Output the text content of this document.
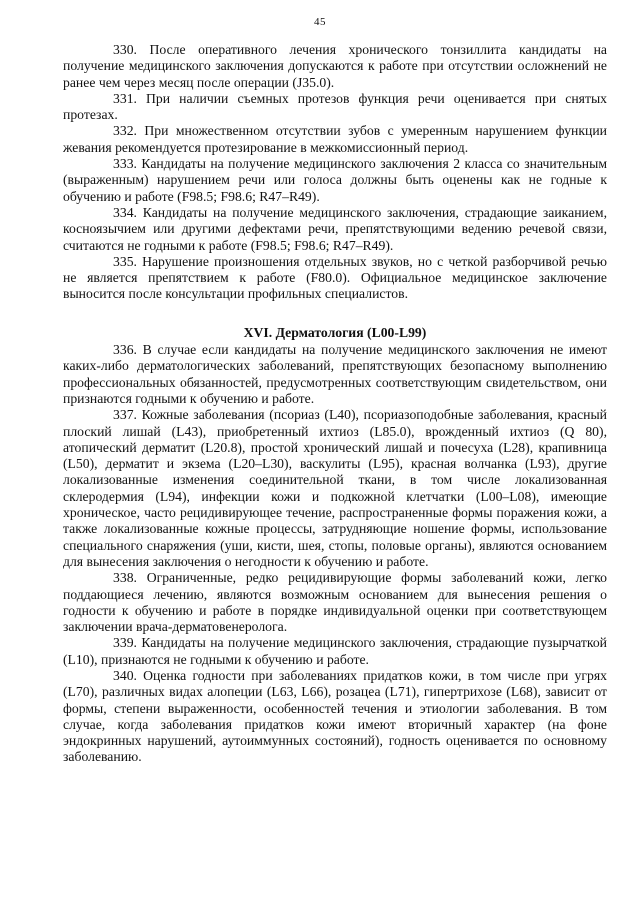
45

330. После оперативного лечения хронического тонзиллита кандидаты на получение медицинского заключения допускаются к работе при отсутствии осложнений не ранее чем через месяц после операции (J35.0).

331. При наличии съемных протезов функция речи оценивается при снятых протезах.

332. При множественном отсутствии зубов с умеренным нарушением функции жевания рекомендуется протезирование в межкомиссионный период.

333. Кандидаты на получение медицинского заключения 2 класса со значительным (выраженным) нарушением речи или голоса должны быть оценены как не годные к обучению и работе (F98.5; F98.6; R47–R49).

334. Кандидаты на получение медицинского заключения, страдающие заиканием, косноязычием или другими дефектами речи, препятствующими ведению речевой связи, считаются не годными к работе (F98.5; F98.6; R47–R49).

335. Нарушение произношения отдельных звуков, но с четкой разборчивой речью не является препятствием к работе (F80.0). Официальное медицинское заключение выносится после консультации профильных специалистов.

XVI. Дерматология (L00-L99)

336. В случае если кандидаты на получение медицинского заключения не имеют каких-либо дерматологических заболеваний, препятствующих безопасному выполнению профессиональных обязанностей, предусмотренных соответствующим свидетельством, они признаются годными к обучению и работе.

337. Кожные заболевания (псориаз (L40), псориазоподобные заболевания, красный плоский лишай (L43), приобретенный ихтиоз (L85.0), врожденный ихтиоз (Q 80), атопический дерматит (L20.8), простой хронический лишай и почесуха (L28), крапивница (L50), дерматит и экзема (L20–L30), васкулиты (L95), красная волчанка (L93), другие локализованные изменения соединительной ткани, в том числе локализованная склеродермия (L94), инфекции кожи и подкожной клетчатки (L00–L08), имеющие хроническое, часто рецидивирующее течение, распространенные формы поражения кожи, а также локализованные кожные процессы, затрудняющие ношение формы, использование специального снаряжения (уши, кисти, шея, стопы, половые органы), являются основанием для вынесения заключения о негодности к обучению и работе.

338. Ограниченные, редко рецидивирующие формы заболеваний кожи, легко поддающиеся лечению, являются возможным основанием для вынесения решения о годности к обучению и работе в порядке индивидуальной оценки при соответствующем заключении врача-дерматовенеролога.

339. Кандидаты на получение медицинского заключения, страдающие пузырчаткой (L10), признаются не годными к обучению и работе.

340. Оценка годности при заболеваниях придатков кожи, в том числе при угрях (L70), различных видах алопеции (L63, L66), розацеа (L71), гипертрихозе (L68), зависит от формы, степени выраженности, особенностей течения и этиологии заболевания. В том случае, когда заболевания придатков кожи имеют вторичный характер (на фоне эндокринных нарушений, аутоиммунных состояний), годность оценивается по основному заболеванию.
